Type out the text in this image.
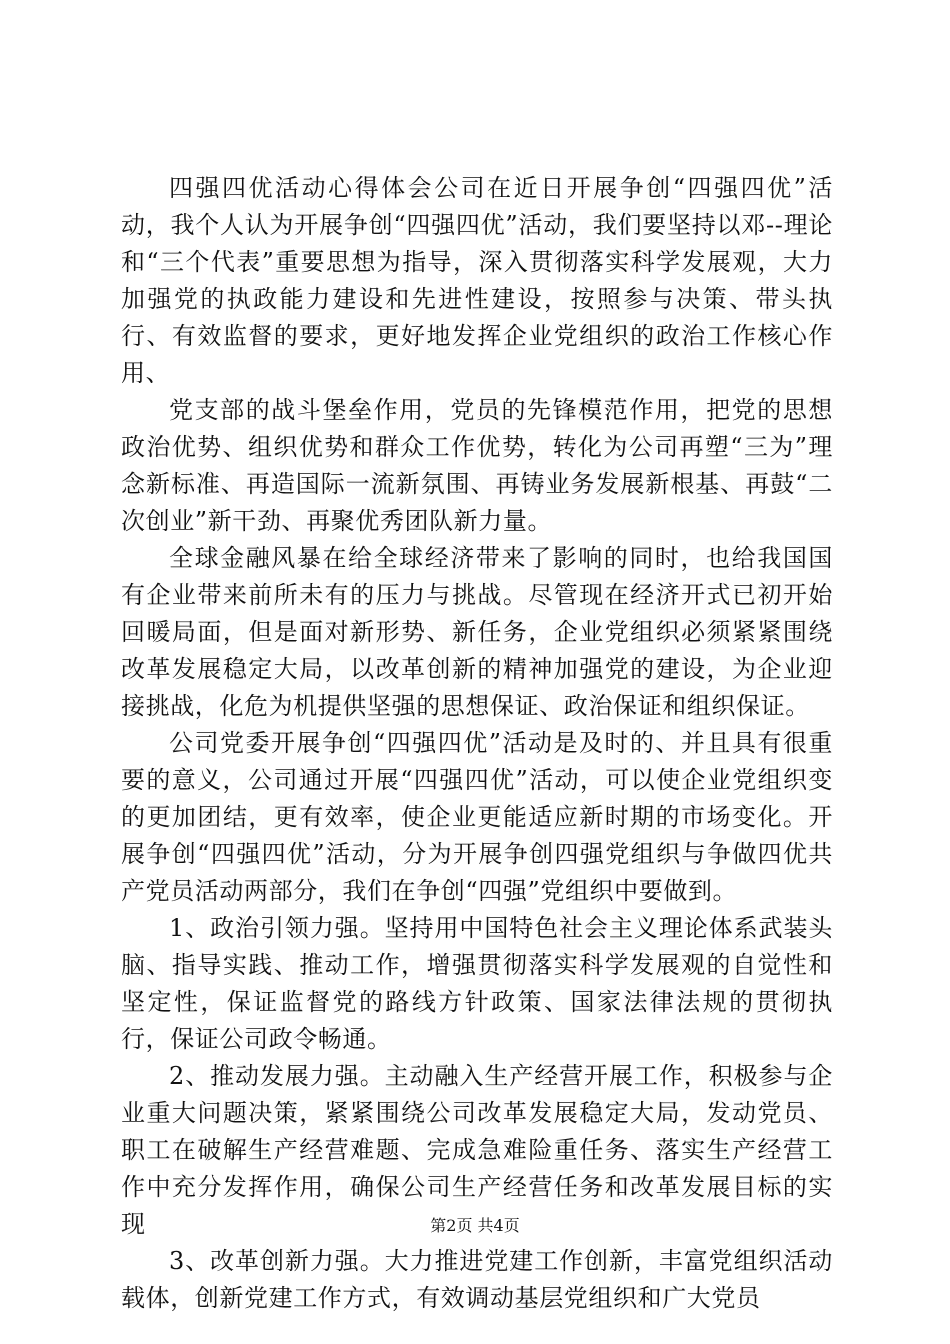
四强四优活动心得体会公司在近日开展争创“四强四优”活动，我个人认为开展争创“四强四优”活动，我们要坚持以邓--理论和“三个代表”重要思想为指导，深入贯彻落实科学发展观，大力加强党的执政能力建设和先进性建设，按照参与决策、带头执行、有效监督的要求，更好地发挥企业党组织的政治工作核心作用、

党支部的战斗堡垒作用，党员的先锋模范作用，把党的思想政治优势、组织优势和群众工作优势，转化为公司再塑“三为”理念新标准、再造国际一流新氛围、再铸业务发展新根基、再鼓“二次创业”新干劲、再聚优秀团队新力量。

全球金融风暴在给全球经济带来了影响的同时，也给我国国有企业带来前所未有的压力与挑战。尽管现在经济开式已初开始回暖局面，但是面对新形势、新任务，企业党组织必须紧紧围绕改革发展稳定大局，以改革创新的精神加强党的建设，为企业迎接挑战，化危为机提供坚强的思想保证、政治保证和组织保证。

公司党委开展争创“四强四优”活动是及时的、并且具有很重要的意义，公司通过开展“四强四优”活动，可以使企业党组织变的更加团结，更有效率，使企业更能适应新时期的市场变化。开展争创“四强四优”活动，分为开展争创四强党组织与争做四优共产党员活动两部分，我们在争创“四强”党组织中要做到。

1、政治引领力强。坚持用中国特色社会主义理论体系武装头脑、指导实践、推动工作，增强贯彻落实科学发展观的自觉性和坚定性，保证监督党的路线方针政策、国家法律法规的贯彻执行，保证公司政令畅通。

2、推动发展力强。主动融入生产经营开展工作，积极参与企业重大问题决策，紧紧围绕公司改革发展稳定大局，发动党员、职工在破解生产经营难题、完成急难险重任务、落实生产经营工作中充分发挥作用，确保公司生产经营任务和改革发展目标的实现

3、改革创新力强。大力推进党建工作创新，丰富党组织活动载体，创新党建工作方式，有效调动基层党组织和广大党员

第2页 共4页
